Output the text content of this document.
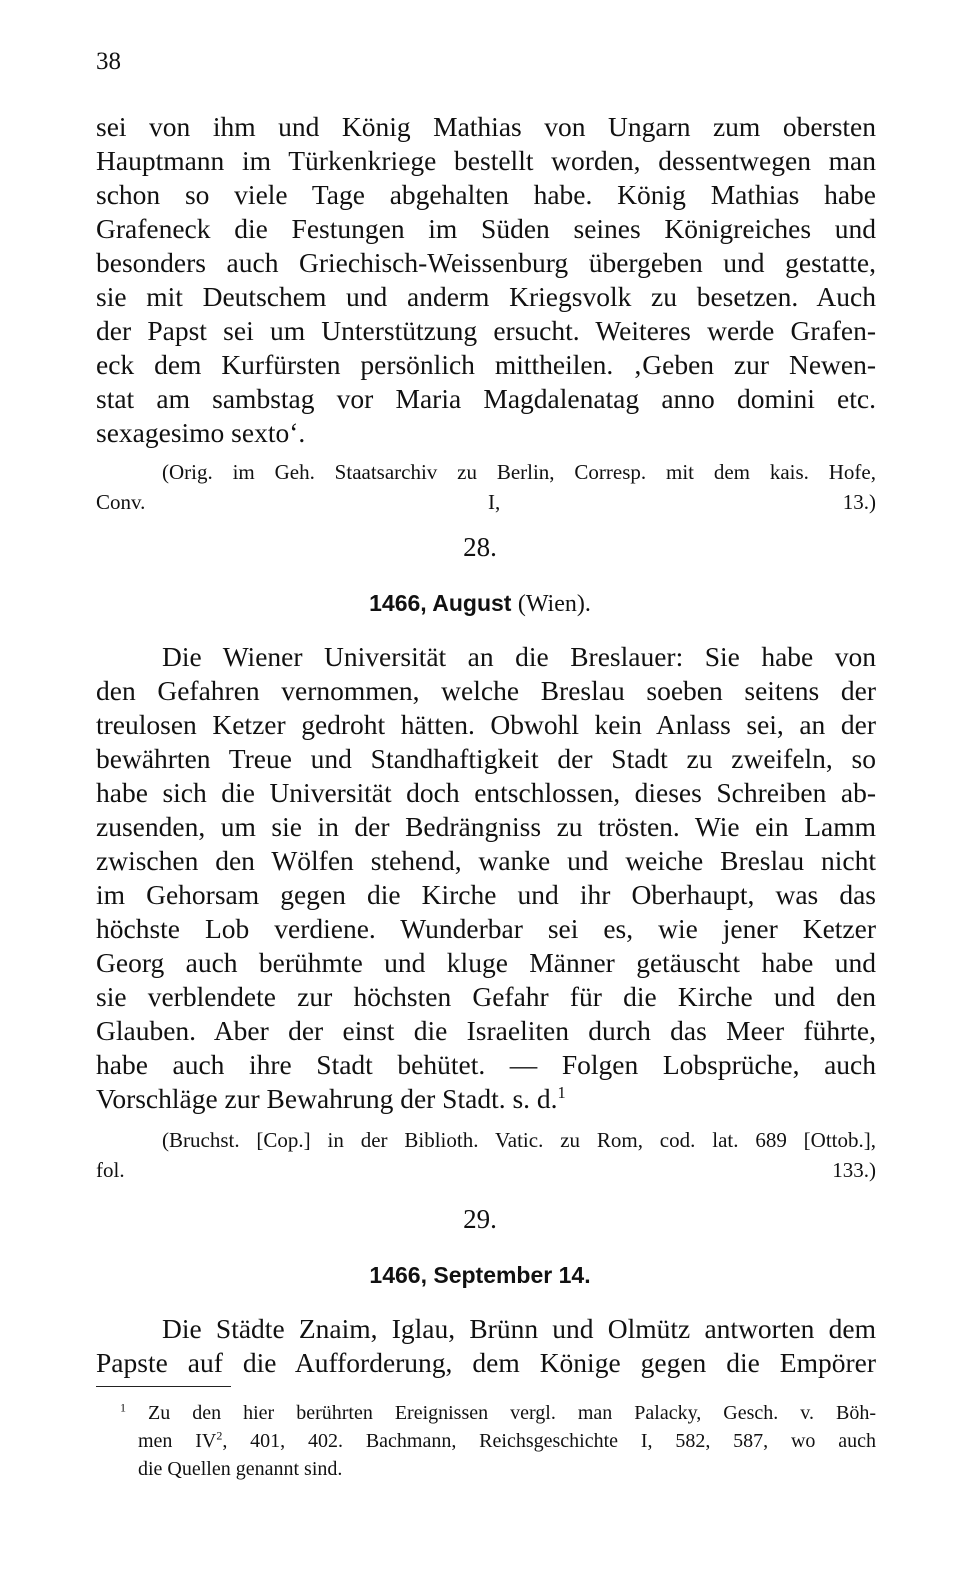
38
sei von ihm und König Mathias von Ungarn zum obersten
Hauptmann im Türkenkriege bestellt worden, dessentwegen man
schon so viele Tage abgehalten habe. König Mathias habe
Grafeneck die Festungen im Süden seines Königreiches und
besonders auch Griechisch-Weissenburg übergeben und gestatte,
sie mit Deutschem und anderm Kriegsvolk zu besetzen. Auch
der Papst sei um Unterstützung ersucht. Weiteres werde Grafen-
eck dem Kurfürsten persönlich mittheilen. ‚Geben zur Newen-
stat am sambstag vor Maria Magdalenatag anno domini etc.
sexagesimo sexto‘.
(Orig. im Geh. Staatsarchiv zu Berlin, Corresp. mit dem kais. Hofe,
Conv. I, 13.)
28.
1466, August (Wien).
Die Wiener Universität an die Breslauer: Sie habe von
den Gefahren vernommen, welche Breslau soeben seitens der
treulosen Ketzer gedroht hätten. Obwohl kein Anlass sei, an der
bewährten Treue und Standhaftigkeit der Stadt zu zweifeln, so
habe sich die Universität doch entschlossen, dieses Schreiben ab-
zusenden, um sie in der Bedrängniss zu trösten. Wie ein Lamm
zwischen den Wölfen stehend, wanke und weiche Breslau nicht
im Gehorsam gegen die Kirche und ihr Oberhaupt, was das
höchste Lob verdiene. Wunderbar sei es, wie jener Ketzer
Georg auch berühmte und kluge Männer getäuscht habe und
sie verblendete zur höchsten Gefahr für die Kirche und den
Glauben. Aber der einst die Israeliten durch das Meer führte,
habe auch ihre Stadt behütet. — Folgen Lobsprüche, auch
Vorschläge zur Bewahrung der Stadt. s. d.$^1$
(Bruchst. [Cop.] in der Biblioth. Vatic. zu Rom, cod. lat. 689 [Ottob.],
fol. 133.)
29.
1466, September 14.
Die Städte Znaim, Iglau, Brünn und Olmütz antworten dem
Papste auf die Aufforderung, dem Könige gegen die Empörer
$^1$ Zu den hier berührten Ereignissen vergl. man Palacky, Gesch. v. Böh-
men $IV^2$, 401, 402. Bachmann, Reichsgeschichte I, 582, 587, wo auch
die Quellen genannt sind.
